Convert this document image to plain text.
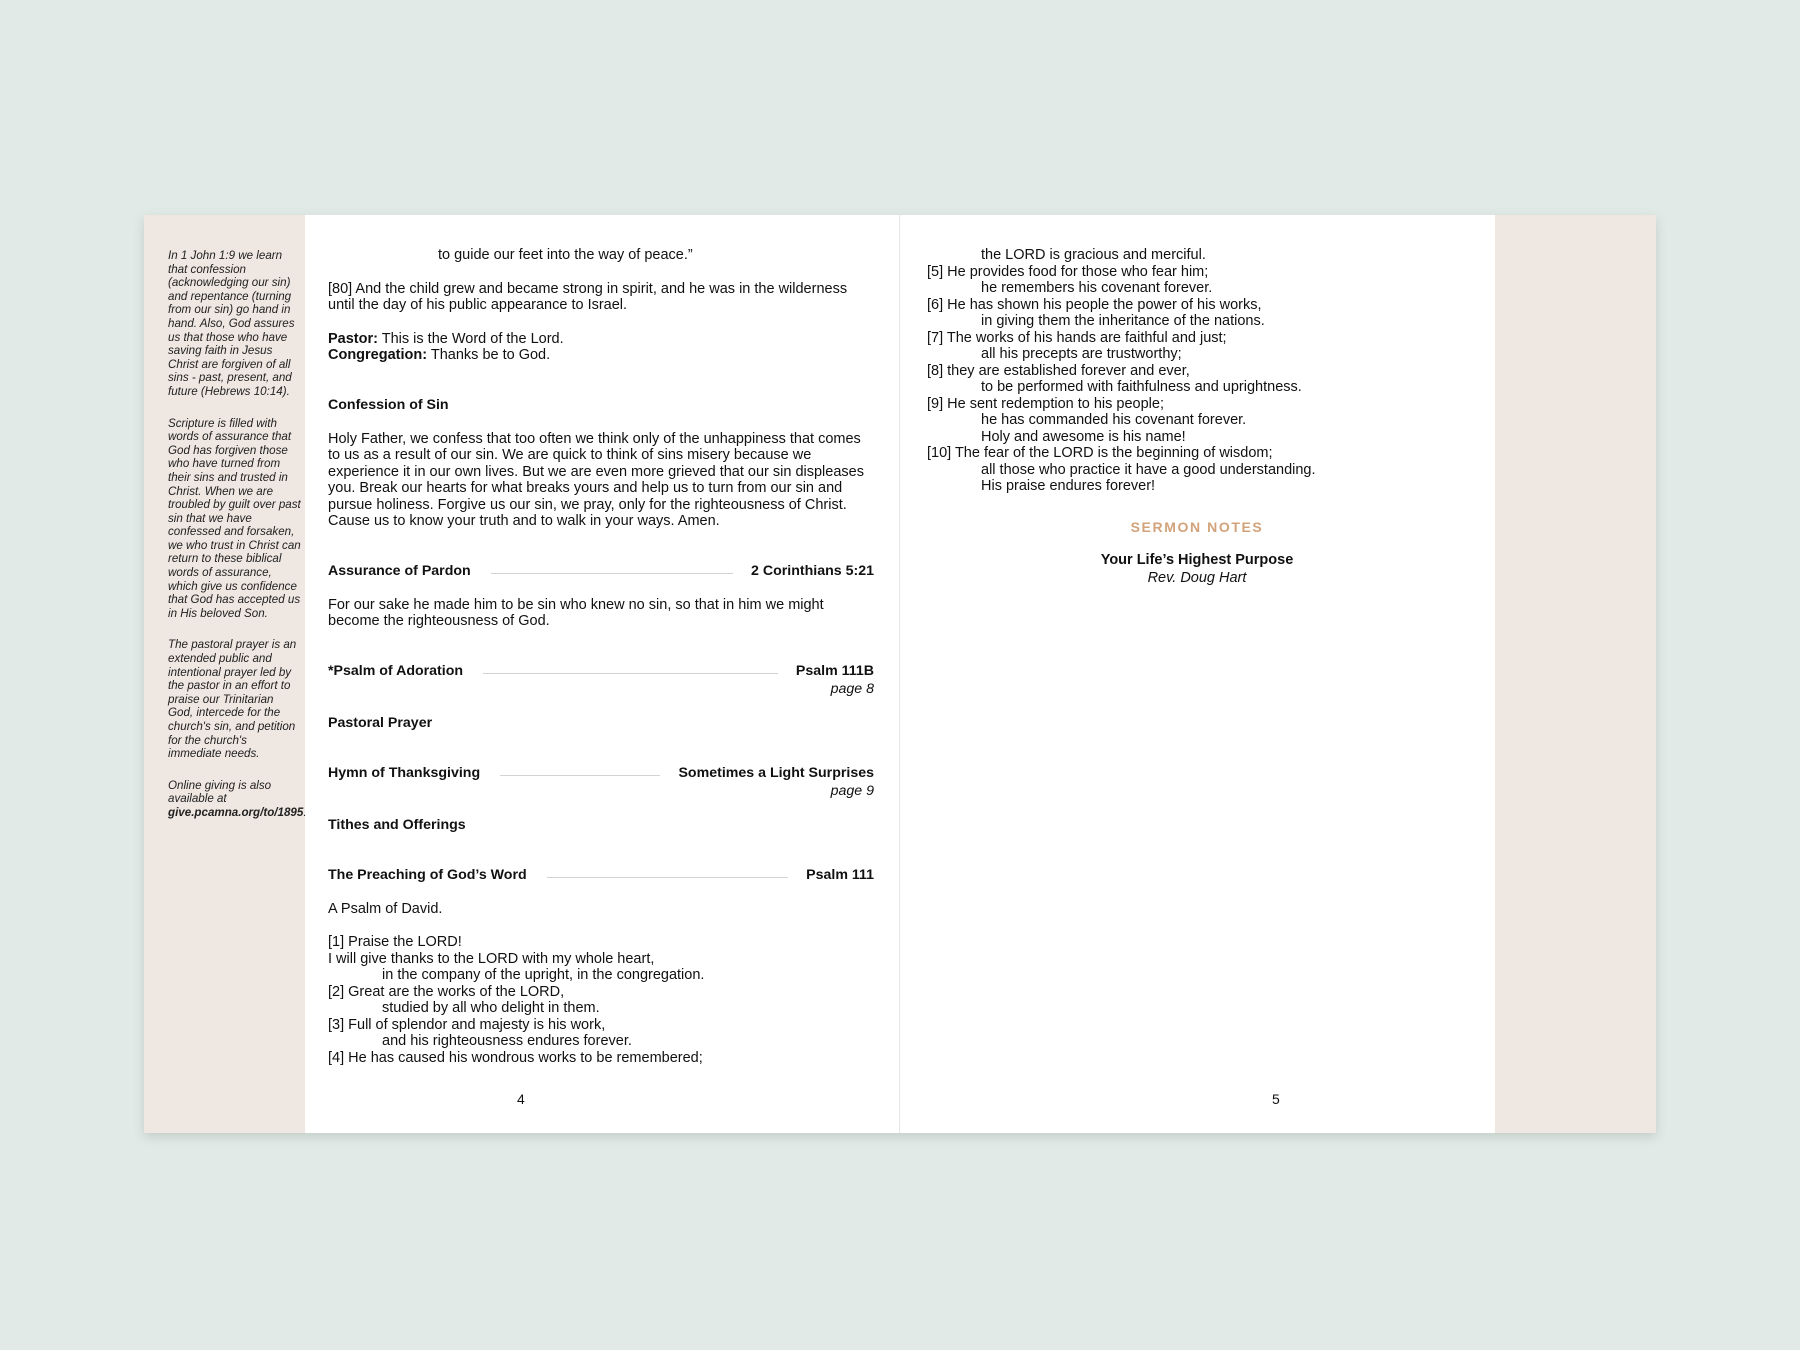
In 1 John 1:9 we learn that confession (acknowledging our sin) and repentance (turning from our sin) go hand in hand. Also, God assures us that those who have saving faith in Jesus Christ are forgiven of all sins - past, present, and future (Hebrews 10:14).

Scripture is filled with words of assurance that God has forgiven those who have turned from their sins and trusted in Christ. When we are troubled by guilt over past sin that we have confessed and forsaken, we who trust in Christ can return to these biblical words of assurance, which give us confidence that God has accepted us in His beloved Son.

The pastoral prayer is an extended public and intentional prayer led by the pastor in an effort to praise our Trinitarian God, intercede for the church's sin, and petition for the church's immediate needs.

Online giving is also available at give.pcamna.org/to/1895.

to guide our feet into the way of peace.”

[80] And the child grew and became strong in spirit, and he was in the wilderness until the day of his public appearance to Israel.

Pastor: This is the Word of the Lord.

Congregation: Thanks be to God.

Confession of Sin

Holy Father, we confess that too often we think only of the unhappiness that comes to us as a result of our sin. We are quick to think of sins misery because we experience it in our own lives. But we are even more grieved that our sin displeases you. Break our hearts for what breaks yours and help us to turn from our sin and pursue holiness. Forgive us our sin, we pray, only for the righteousness of Christ. Cause us to know your truth and to walk in your ways. Amen.

Assurance of Pardon	2 Corinthians 5:21

For our sake he made him to be sin who knew no sin, so that in him we might become the righteousness of God.

*Psalm of Adoration	Psalm 111B
page 8

Pastoral Prayer

Hymn of Thanksgiving	Sometimes a Light Surprises
page 9

Tithes and Offerings

The Preaching of God’s Word	Psalm 111

A Psalm of David.

[1] Praise the LORD!

I will give thanks to the LORD with my whole heart,

in the company of the upright, in the congregation.

[2] Great are the works of the LORD,

studied by all who delight in them.

[3] Full of splendor and majesty is his work,

and his righteousness endures forever.

[4] He has caused his wondrous works to be remembered;

4

the LORD is gracious and merciful.

[5] He provides food for those who fear him;

he remembers his covenant forever.

[6] He has shown his people the power of his works,

in giving them the inheritance of the nations.

[7] The works of his hands are faithful and just;

all his precepts are trustworthy;

[8] they are established forever and ever,

to be performed with faithfulness and uprightness.

[9] He sent redemption to his people;

he has commanded his covenant forever.

Holy and awesome is his name!

[10] The fear of the LORD is the beginning of wisdom;

all those who practice it have a good understanding.

His praise endures forever!

SERMON NOTES

Your Life’s Highest Purpose

Rev. Doug Hart

5
